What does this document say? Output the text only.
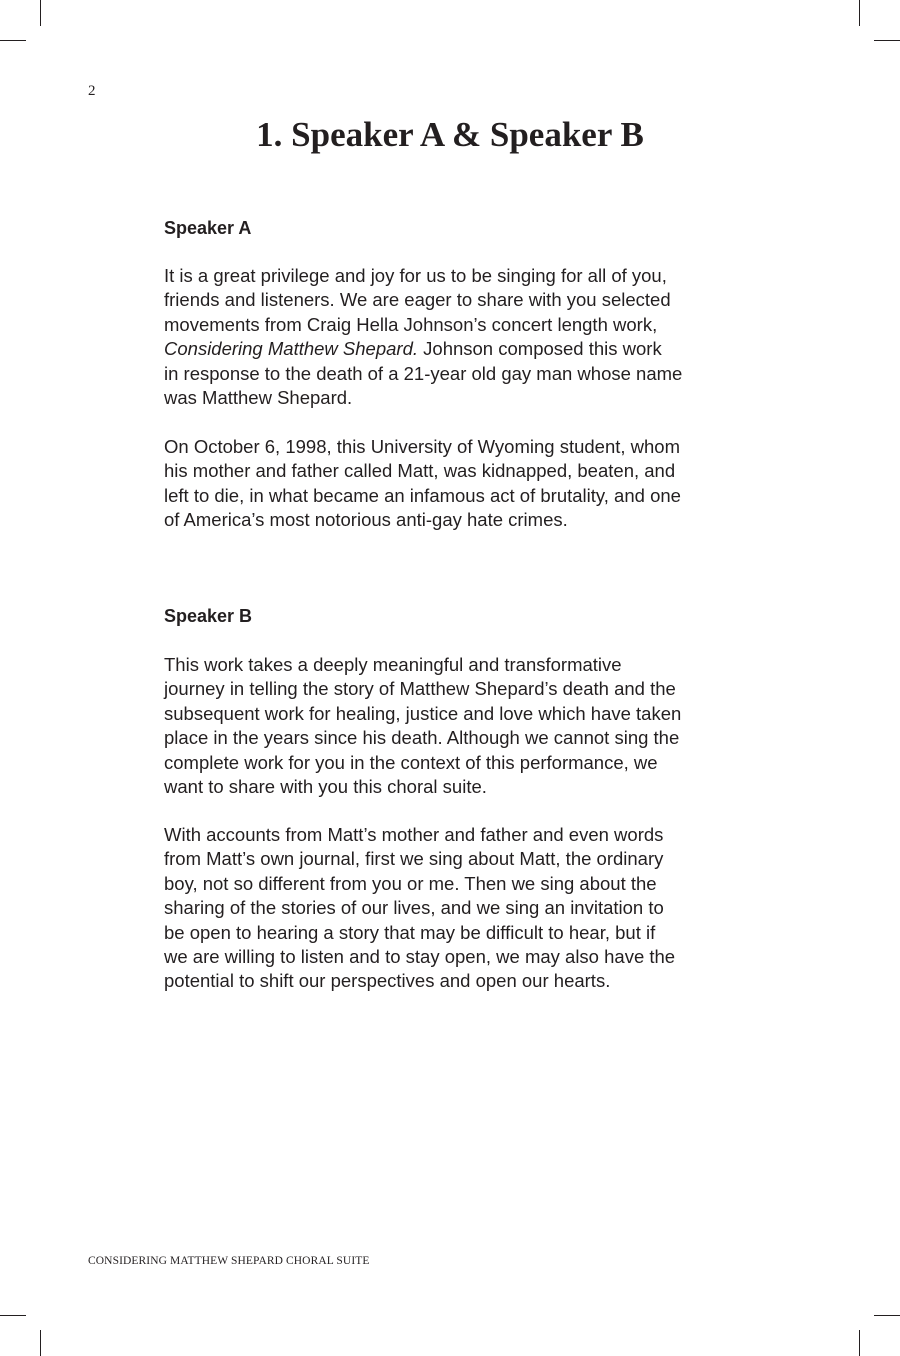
2
1. Speaker A & Speaker B
Speaker A

It is a great privilege and joy for us to be singing for all of you,
friends and listeners. We are eager to share with you selected
movements from Craig Hella Johnson’s concert length work,
Considering Matthew Shepard. Johnson composed this work
in response to the death of a 21-year old gay man whose name
was Matthew Shepard.

On October 6, 1998, this University of Wyoming student, whom
his mother and father called Matt, was kidnapped, beaten, and
left to die, in what became an infamous act of brutality, and one
of America’s most notorious anti-gay hate crimes.

Speaker B

This work takes a deeply meaningful and transformative
journey in telling the story of Matthew Shepard’s death and the
subsequent work for healing, justice and love which have taken
place in the years since his death. Although we cannot sing the
complete work for you in the context of this performance, we
want to share with you this choral suite.

With accounts from Matt’s mother and father and even words
from Matt’s own journal, first we sing about Matt, the ordinary
boy, not so different from you or me. Then we sing about the
sharing of the stories of our lives, and we sing an invitation to
be open to hearing a story that may be difficult to hear, but if
we are willing to listen and to stay open, we may also have the
potential to shift our perspectives and open our hearts.

CONSIDERING MATTHEW SHEPARD CHORAL SUITE
